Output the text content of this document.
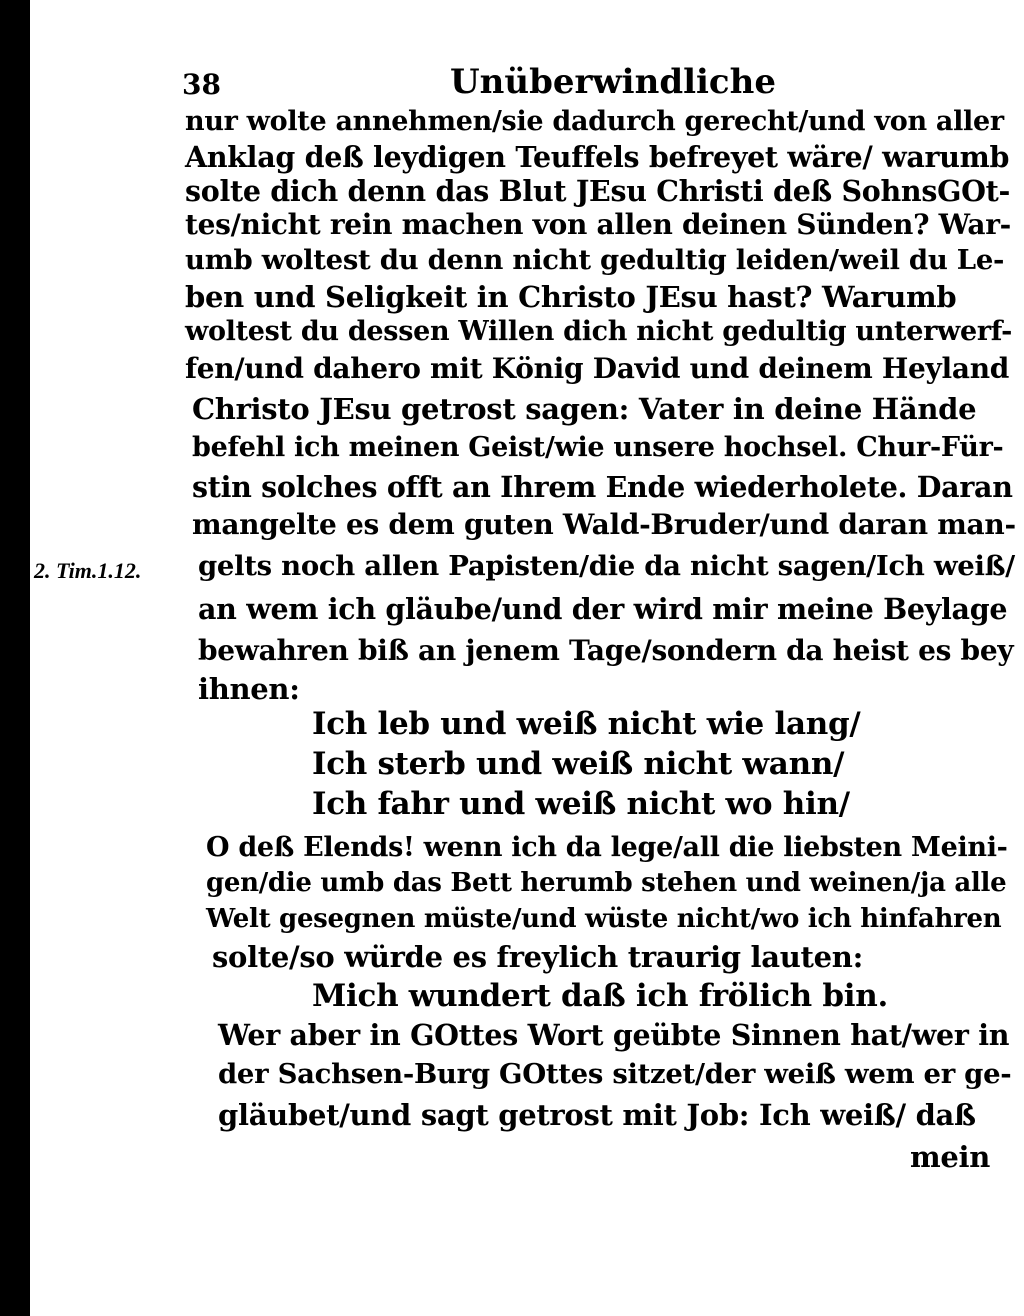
38	Unüberwindliche
2. Tim.1.12.
nur wolte annehmen/sie dadurch gerecht/und von aller
Anklag deß leydigen Teuffels befreyet wäre/ warumb
solte dich denn das Blut JEsu Christi deß SohnsGOt-
tes/nicht rein machen von allen deinen Sünden? War-
umb woltest du denn nicht gedultig leiden/weil du Le-
ben und Seligkeit in Christo JEsu hast? Warumb
woltest du dessen Willen dich nicht gedultig unterwerf-
fen/und dahero mit König David und deinem Heyland
Christo JEsu getrost sagen: Vater in deine Hände
befehl ich meinen Geist/wie unsere hochsel. Chur-Für-
stin solches offt an Ihrem Ende wiederholete. Daran
mangelte es dem guten Wald-Bruder/und daran man-
gelts noch allen Papisten/die da nicht sagen/Ich weiß/
an wem ich gläube/und der wird mir meine Beylage
bewahren biß an jenem Tage/sondern da heist es bey
ihnen:
Ich leb und weiß nicht wie lang/
Ich sterb und weiß nicht wann/
Ich fahr und weiß nicht wo hin/
O deß Elends! wenn ich da lege/all die liebsten Meini-
gen/die umb das Bett herumb stehen und weinen/ja alle
Welt gesegnen müste/und wüste nicht/wo ich hinfahren
solte/so würde es freylich traurig lauten:
Mich wundert daß ich frölich bin.
Wer aber in GOttes Wort geübte Sinnen hat/wer in
der Sachsen-Burg GOttes sitzet/der weiß wem er ge-
gläubet/und sagt getrost mit Job: Ich weiß/ daß
mein
